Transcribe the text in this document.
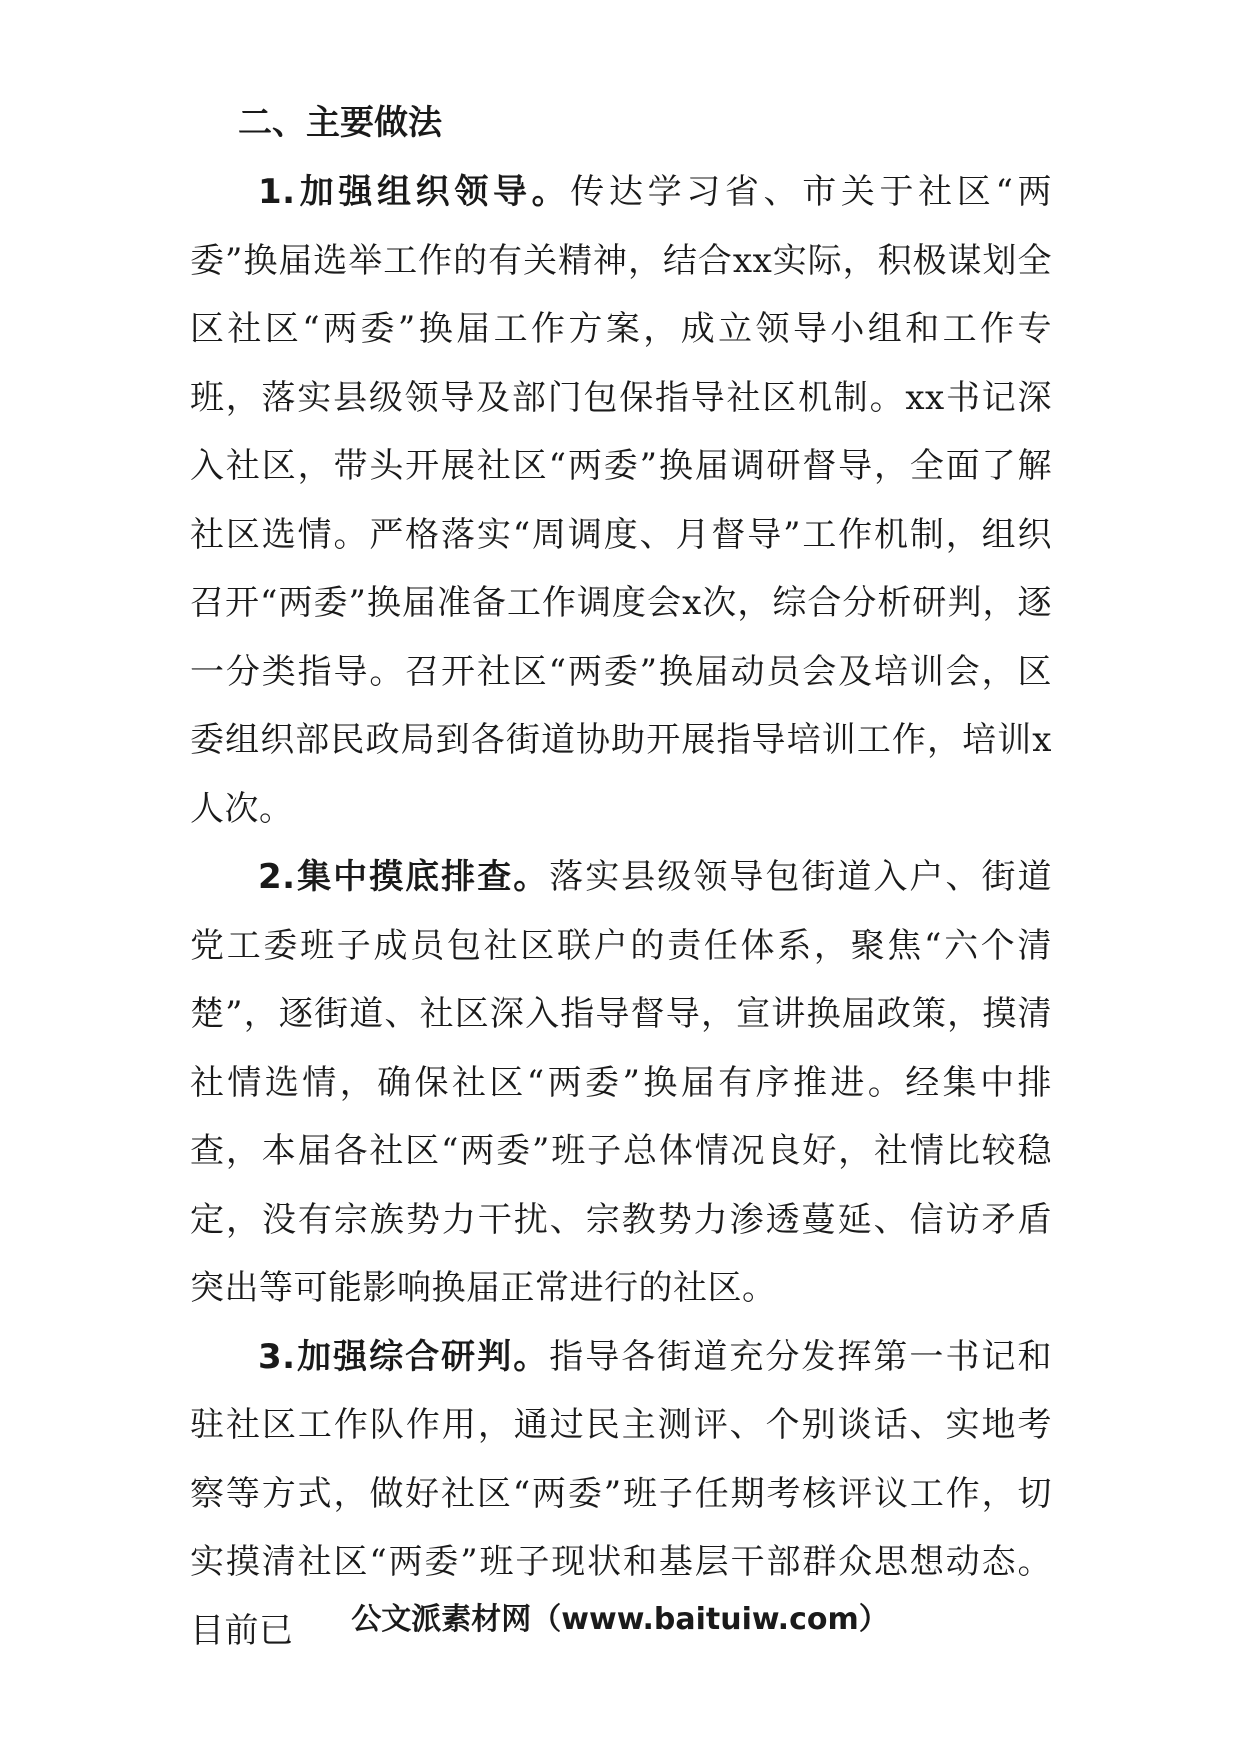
二、主要做法

1.加强组织领导。传达学习省、市关于社区“两委”换届选举工作的有关精神，结合xx实际，积极谋划全区社区“两委”换届工作方案，成立领导小组和工作专班，落实县级领导及部门包保指导社区机制。xx书记深入社区，带头开展社区“两委”换届调研督导，全面了解社区选情。严格落实“周调度、月督导”工作机制，组织召开“两委”换届准备工作调度会x次，综合分析研判，逐一分类指导。召开社区“两委”换届动员会及培训会，区委组织部民政局到各街道协助开展指导培训工作，培训x人次。

2.集中摸底排查。落实县级领导包街道入户、街道党工委班子成员包社区联户的责任体系，聚焦“六个清楚”，逐街道、社区深入指导督导，宣讲换届政策，摸清社情选情，确保社区“两委”换届有序推进。经集中排查，本届各社区“两委”班子总体情况良好，社情比较稳定，没有宗族势力干扰、宗教势力渗透蔓延、信访矛盾突出等可能影响换届正常进行的社区。

3.加强综合研判。指导各街道充分发挥第一书记和驻社区工作队作用，通过民主测评、个别谈话、实地考察等方式，做好社区“两委”班子任期考核评议工作，切实摸清社区“两委”班子现状和基层干部群众思想动态。目前已	公文派素材网（www.baituiw.com）
